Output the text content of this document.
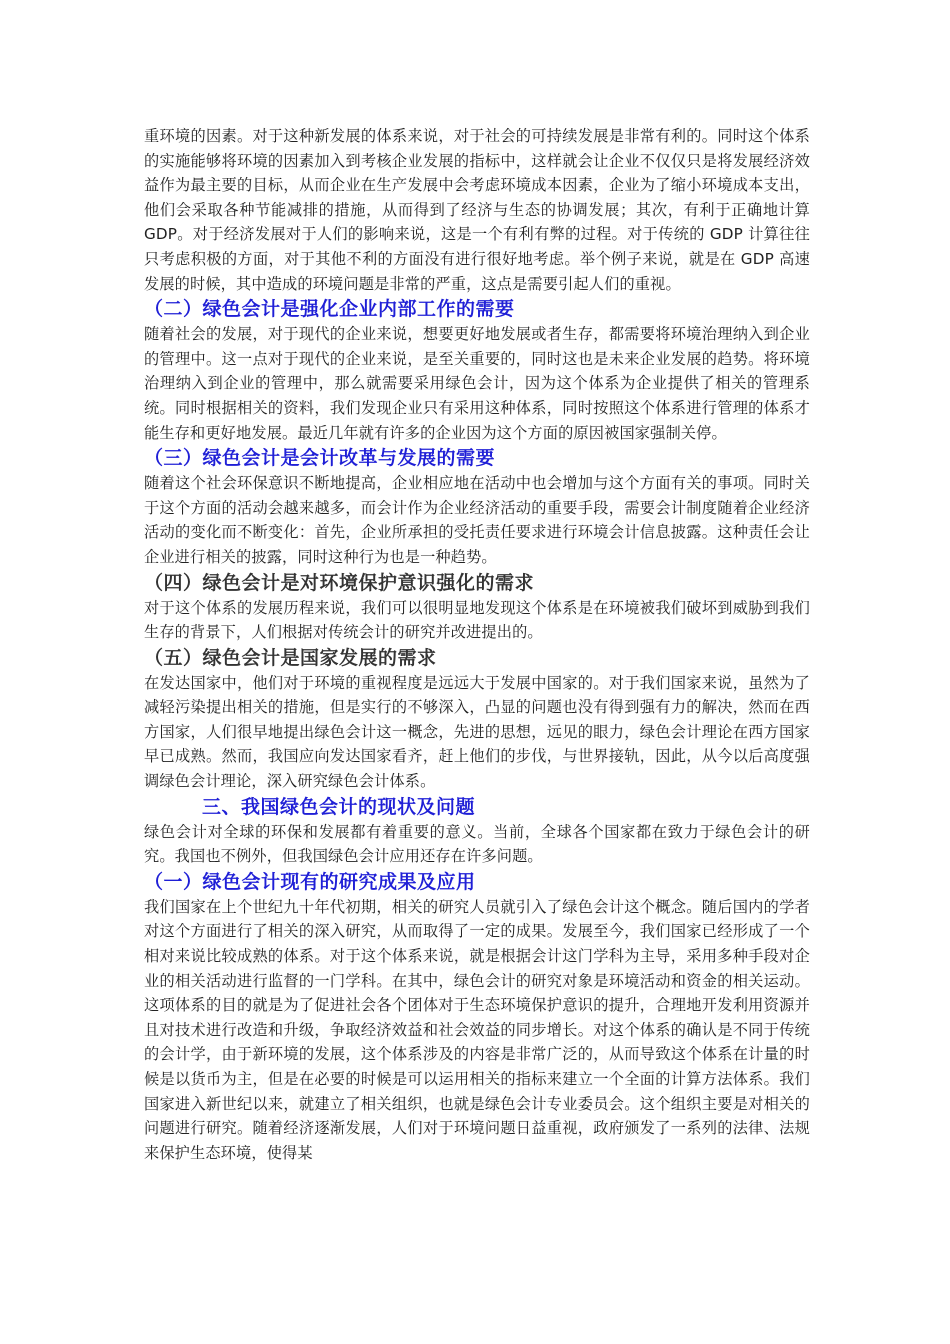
重环境的因素。对于这种新发展的体系来说，对于社会的可持续发展是非常有利的。同时这个体系的实施能够将环境的因素加入到考核企业发展的指标中，这样就会让企业不仅仅只是将发展经济效益作为最主要的目标，从而企业在生产发展中会考虑环境成本因素，企业为了缩小环境成本支出，他们会采取各种节能减排的措施，从而得到了经济与生态的协调发展；其次，有利于正确地计算 GDP。对于经济发展对于人们的影响来说，这是一个有利有弊的过程。对于传统的 GDP 计算往往只考虑积极的方面，对于其他不利的方面没有进行很好地考虑。举个例子来说，就是在 GDP 高速发展的时候，其中造成的环境问题是非常的严重，这点是需要引起人们的重视。

（二）绿色会计是强化企业内部工作的需要

随着社会的发展，对于现代的企业来说，想要更好地发展或者生存，都需要将环境治理纳入到企业的管理中。这一点对于现代的企业来说，是至关重要的，同时这也是未来企业发展的趋势。将环境治理纳入到企业的管理中，那么就需要采用绿色会计，因为这个体系为企业提供了相关的管理系统。同时根据相关的资料，我们发现企业只有采用这种体系，同时按照这个体系进行管理的体系才能生存和更好地发展。最近几年就有许多的企业因为这个方面的原因被国家强制关停。

（三）绿色会计是会计改革与发展的需要

随着这个社会环保意识不断地提高，企业相应地在活动中也会增加与这个方面有关的事项。同时关于这个方面的活动会越来越多，而会计作为企业经济活动的重要手段，需要会计制度随着企业经济活动的变化而不断变化：首先，企业所承担的受托责任要求进行环境会计信息披露。这种责任会让企业进行相关的披露，同时这种行为也是一种趋势。

（四）绿色会计是对环境保护意识强化的需求

对于这个体系的发展历程来说，我们可以很明显地发现这个体系是在环境被我们破坏到威胁到我们生存的背景下，人们根据对传统会计的研究并改进提出的。

（五）绿色会计是国家发展的需求

在发达国家中，他们对于环境的重视程度是远远大于发展中国家的。对于我们国家来说，虽然为了减轻污染提出相关的措施，但是实行的不够深入，凸显的问题也没有得到强有力的解决，然而在西方国家，人们很早地提出绿色会计这一概念，先进的思想，远见的眼力，绿色会计理论在西方国家早已成熟。然而，我国应向发达国家看齐，赶上他们的步伐，与世界接轨，因此，从今以后高度强调绿色会计理论，深入研究绿色会计体系。

三、我国绿色会计的现状及问题

绿色会计对全球的环保和发展都有着重要的意义。当前，全球各个国家都在致力于绿色会计的研究。我国也不例外，但我国绿色会计应用还存在许多问题。

（一）绿色会计现有的研究成果及应用

我们国家在上个世纪九十年代初期，相关的研究人员就引入了绿色会计这个概念。随后国内的学者对这个方面进行了相关的深入研究，从而取得了一定的成果。发展至今，我们国家已经形成了一个相对来说比较成熟的体系。对于这个体系来说，就是根据会计这门学科为主导，采用多种手段对企业的相关活动进行监督的一门学科。在其中，绿色会计的研究对象是环境活动和资金的相关运动。这项体系的目的就是为了促进社会各个团体对于生态环境保护意识的提升，合理地开发利用资源并且对技术进行改造和升级，争取经济效益和社会效益的同步增长。对这个体系的确认是不同于传统的会计学，由于新环境的发展，这个体系涉及的内容是非常广泛的，从而导致这个体系在计量的时候是以货币为主，但是在必要的时候是可以运用相关的指标来建立一个全面的计算方法体系。我们国家进入新世纪以来，就建立了相关组织，也就是绿色会计专业委员会。这个组织主要是对相关的问题进行研究。随着经济逐渐发展，人们对于环境问题日益重视，政府颁发了一系列的法律、法规来保护生态环境，使得某
